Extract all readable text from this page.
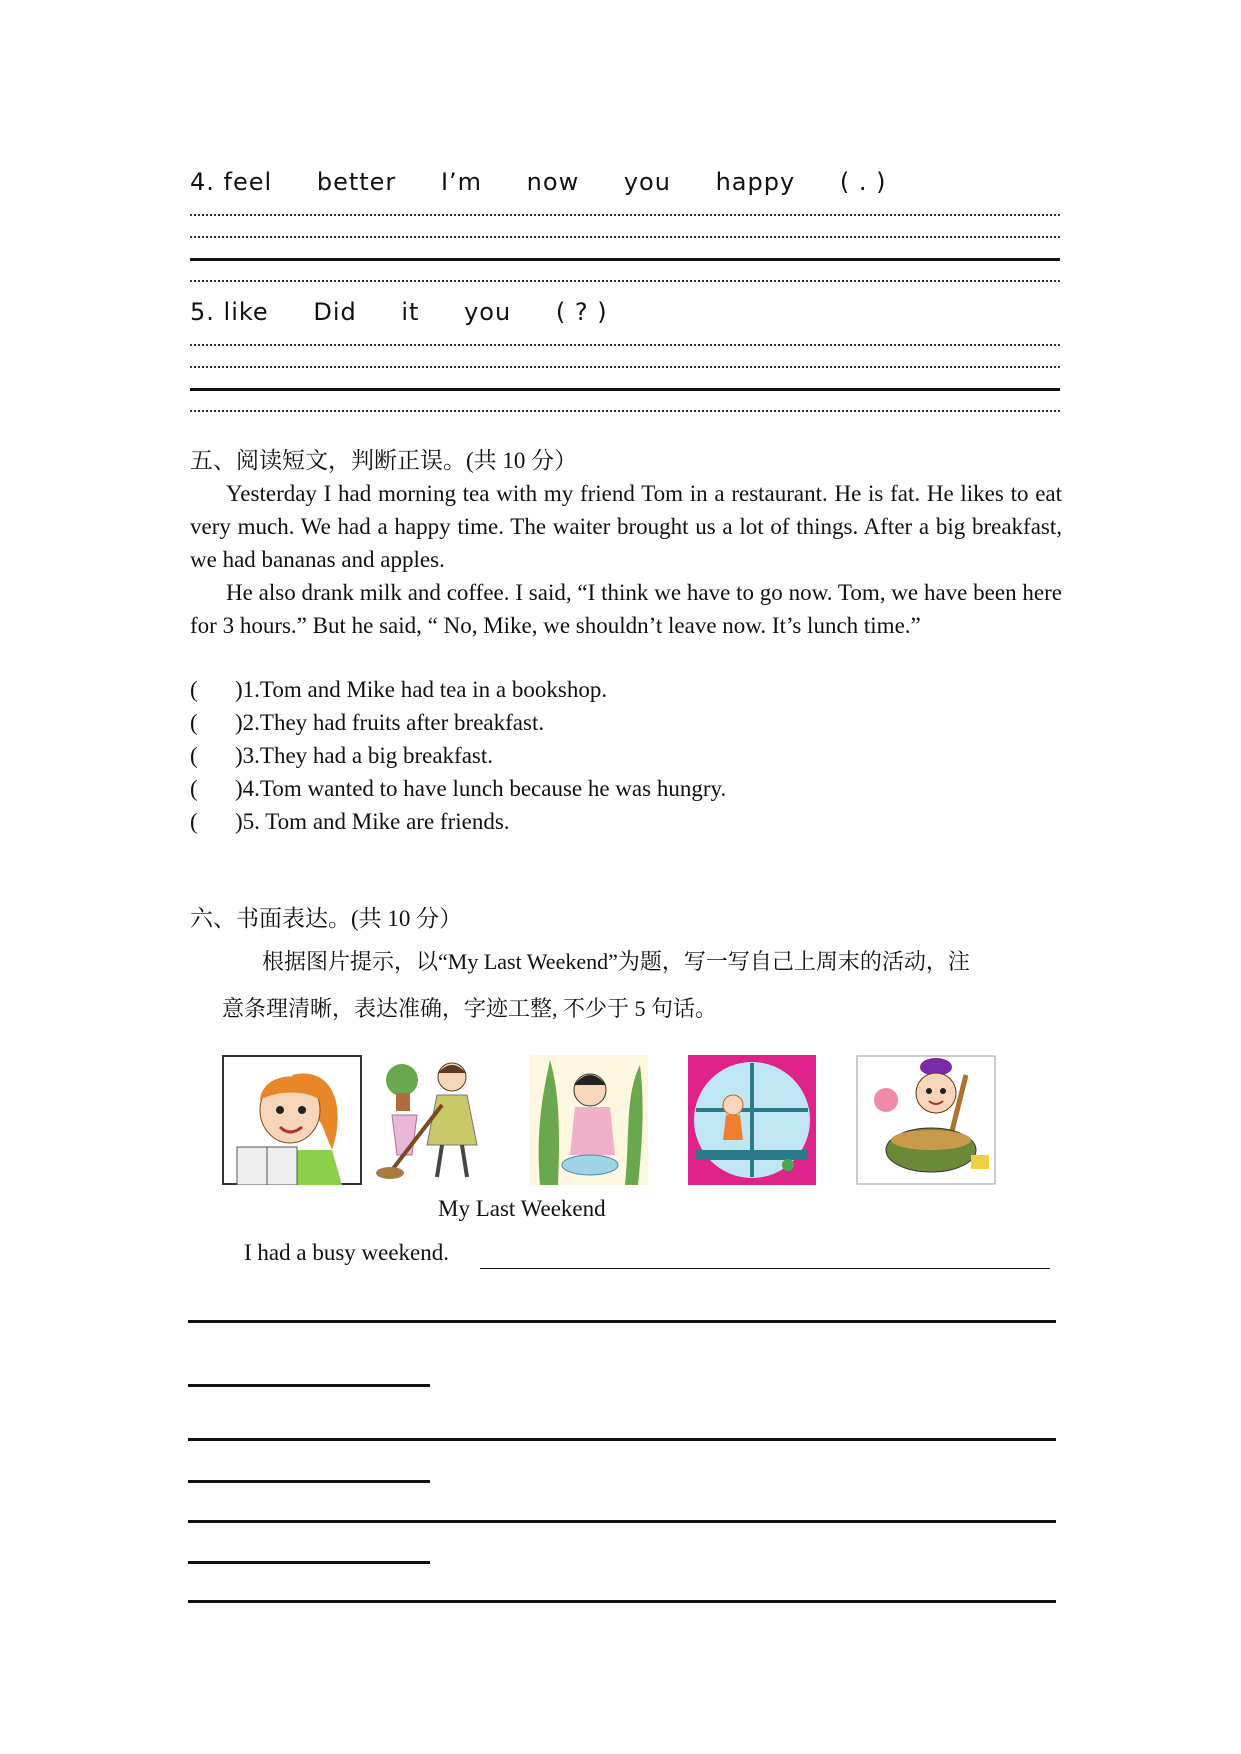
4. feel better I’m now you happy ( . )
5. like Did it you ( ? )
五、阅读短文，判断正误。(共 10 分）
Yesterday I had morning tea with my friend Tom in a restaurant. He is fat. He likes to eat very much. We had a happy time. The waiter brought us a lot of things. After a big breakfast, we had bananas and apples.
He also drank milk and coffee. I said, “I think we have to go now. Tom, we have been here for 3 hours.” But he said, “ No, Mike, we shouldn’t leave now. It’s lunch time.”
( )1.Tom and Mike had tea in a bookshop.
( )2.They had fruits after breakfast.
( )3.They had a big breakfast.
( )4.Tom wanted to have lunch because he was hungry.
( )5. Tom and Mike are friends.
六、书面表达。(共 10 分）
根据图片提示，以“My Last Weekend”为题，写一写自己上周末的活动，注
意条理清晰，表达准确，字迹工整, 不少于 5 句话。
My Last Weekend
I had a busy weekend.
